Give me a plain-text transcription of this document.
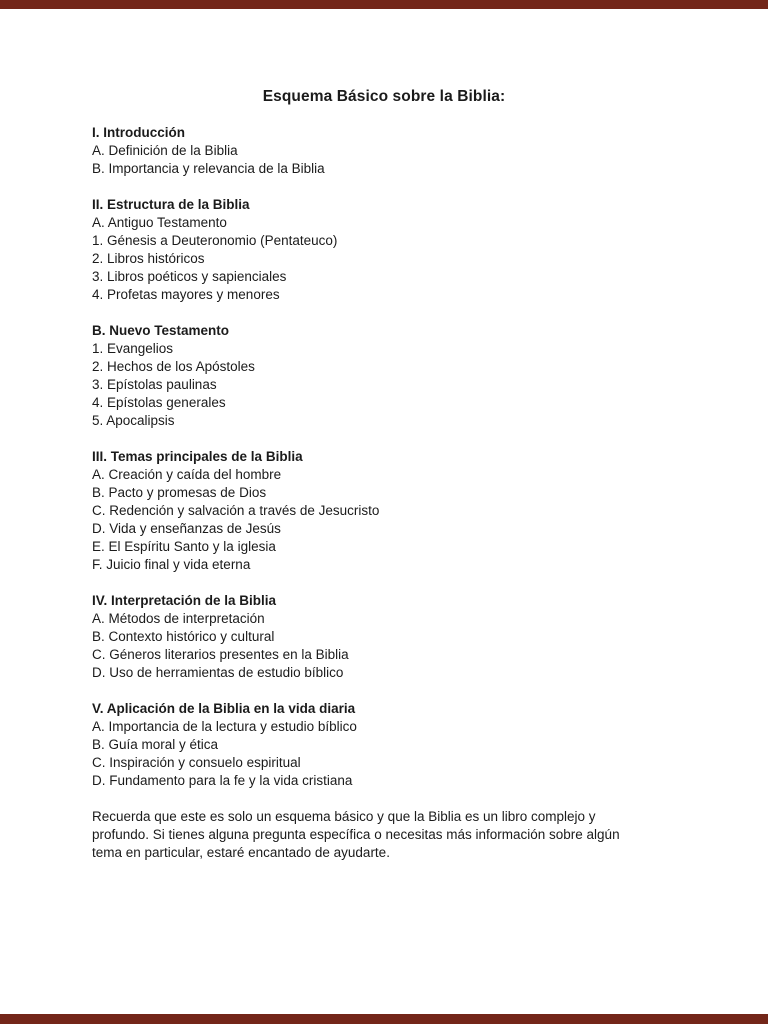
Esquema Básico sobre la Biblia:
I. Introducción
A. Definición de la Biblia
B. Importancia y relevancia de la Biblia
II. Estructura de la Biblia
A. Antiguo Testamento
1. Génesis a Deuteronomio (Pentateuco)
2. Libros históricos
3. Libros poéticos y sapienciales
4. Profetas mayores y menores
B. Nuevo Testamento
1. Evangelios
2. Hechos de los Apóstoles
3. Epístolas paulinas
4. Epístolas generales
5. Apocalipsis
III. Temas principales de la Biblia
A. Creación y caída del hombre
B. Pacto y promesas de Dios
C. Redención y salvación a través de Jesucristo
D. Vida y enseñanzas de Jesús
E. El Espíritu Santo y la iglesia
F. Juicio final y vida eterna
IV. Interpretación de la Biblia
A. Métodos de interpretación
B. Contexto histórico y cultural
C. Géneros literarios presentes en la Biblia
D. Uso de herramientas de estudio bíblico
V. Aplicación de la Biblia en la vida diaria
A. Importancia de la lectura y estudio bíblico
B. Guía moral y ética
C. Inspiración y consuelo espiritual
D. Fundamento para la fe y la vida cristiana
Recuerda que este es solo un esquema básico y que la Biblia es un libro complejo y
profundo. Si tienes alguna pregunta específica o necesitas más información sobre algún
tema en particular, estaré encantado de ayudarte.
